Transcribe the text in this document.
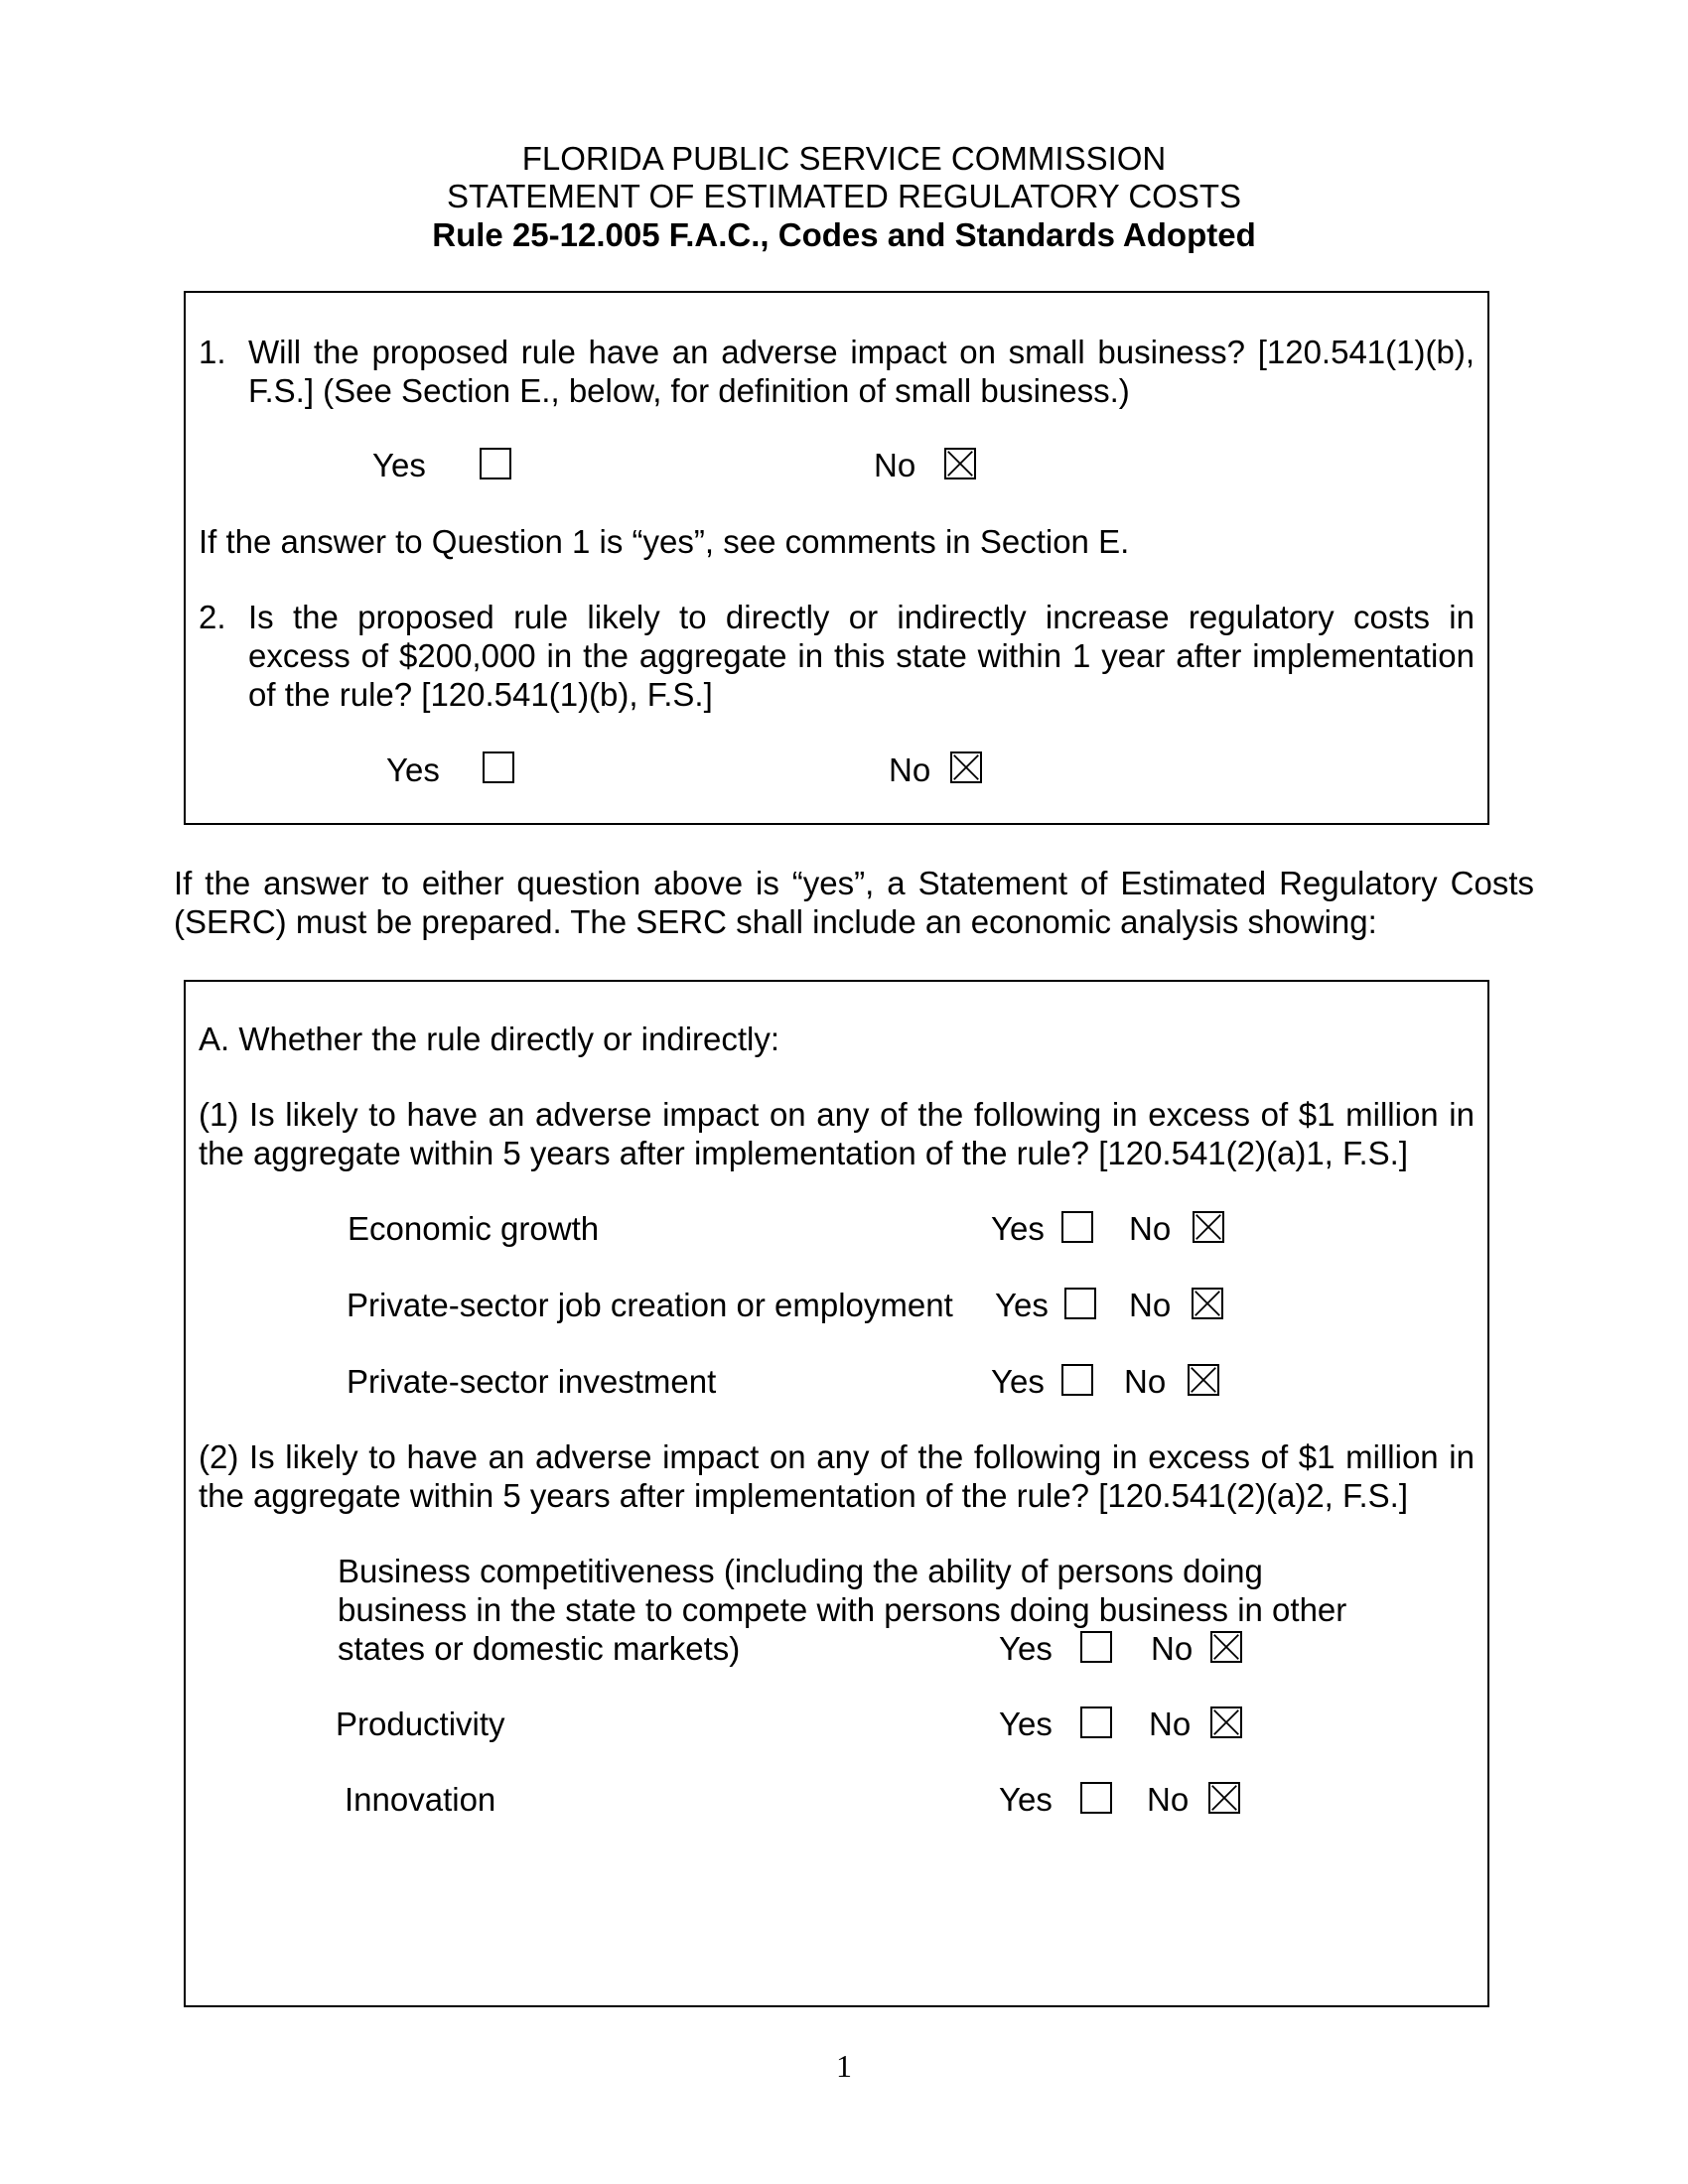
FLORIDA PUBLIC SERVICE COMMISSION
STATEMENT OF ESTIMATED REGULATORY COSTS
Rule 25-12.005 F.A.C., Codes and Standards Adopted
1. Will the proposed rule have an adverse impact on small business? [120.541(1)(b),
F.S.] (See Section E., below, for definition of small business.)
Yes	No
If the answer to Question 1 is “yes”, see comments in Section E.
2. Is the proposed rule likely to directly or indirectly increase regulatory costs in
excess of $200,000 in the aggregate in this state within 1 year after implementation
of the rule? [120.541(1)(b), F.S.]
Yes	No
If the answer to either question above is “yes”, a Statement of Estimated Regulatory Costs
(SERC) must be prepared. The SERC shall include an economic analysis showing:
A. Whether the rule directly or indirectly:
(1) Is likely to have an adverse impact on any of the following in excess of $1 million in
the aggregate within 5 years after implementation of the rule? [120.541(2)(a)1, F.S.]
Economic growth	Yes	No
Private-sector job creation or employment Yes No
Private-sector investment	Yes No
(2) Is likely to have an adverse impact on any of the following in excess of $1 million in
the aggregate within 5 years after implementation of the rule? [120.541(2)(a)2, F.S.]
Business competitiveness (including the ability of persons doing
business in the state to compete with persons doing business in other
states or domestic markets)	Yes	No
Productivity	Yes	No
Innovation	Yes	No
1
